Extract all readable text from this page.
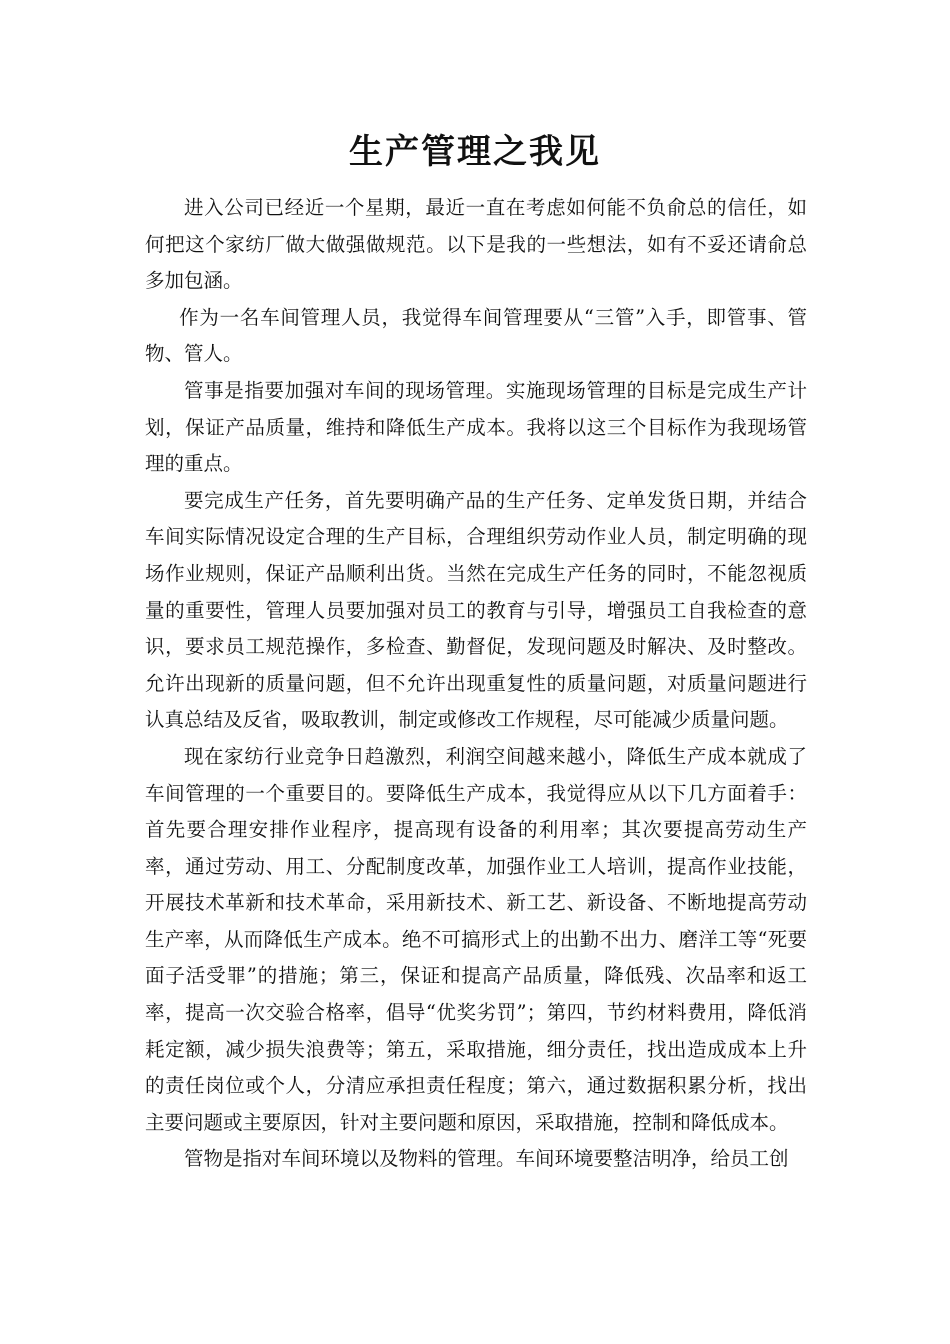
生产管理之我见

进入公司已经近一个星期，最近一直在考虑如何能不负俞总的信任，如何把这个家纺厂做大做强做规范。以下是我的一些想法，如有不妥还请俞总多加包涵。

作为一名车间管理人员，我觉得车间管理要从“三管”入手，即管事、管物、管人。

管事是指要加强对车间的现场管理。实施现场管理的目标是完成生产计划，保证产品质量，维持和降低生产成本。我将以这三个目标作为我现场管理的重点。

要完成生产任务，首先要明确产品的生产任务、定单发货日期，并结合车间实际情况设定合理的生产目标，合理组织劳动作业人员，制定明确的现场作业规则，保证产品顺利出货。当然在完成生产任务的同时，不能忽视质量的重要性，管理人员要加强对员工的教育与引导，增强员工自我检查的意识，要求员工规范操作，多检查、勤督促，发现问题及时解决、及时整改。允许出现新的质量问题，但不允许出现重复性的质量问题，对质量问题进行认真总结及反省，吸取教训，制定或修改工作规程，尽可能减少质量问题。

现在家纺行业竞争日趋激烈，利润空间越来越小，降低生产成本就成了车间管理的一个重要目的。要降低生产成本，我觉得应从以下几方面着手：首先要合理安排作业程序，提高现有设备的利用率；其次要提高劳动生产率，通过劳动、用工、分配制度改革，加强作业工人培训，提高作业技能，开展技术革新和技术革命，采用新技术、新工艺、新设备、不断地提高劳动生产率，从而降低生产成本。绝不可搞形式上的出勤不出力、磨洋工等“死要面子活受罪”的措施；第三，保证和提高产品质量，降低残、次品率和返工率，提高一次交验合格率，倡导“优奖劣罚”；第四，节约材料费用，降低消耗定额，减少损失浪费等；第五，采取措施，细分责任，找出造成成本上升的责任岗位或个人，分清应承担责任程度；第六，通过数据积累分析，找出主要问题或主要原因，针对主要问题和原因，采取措施，控制和降低成本。

管物是指对车间环境以及物料的管理。车间环境要整洁明净，给员工创
